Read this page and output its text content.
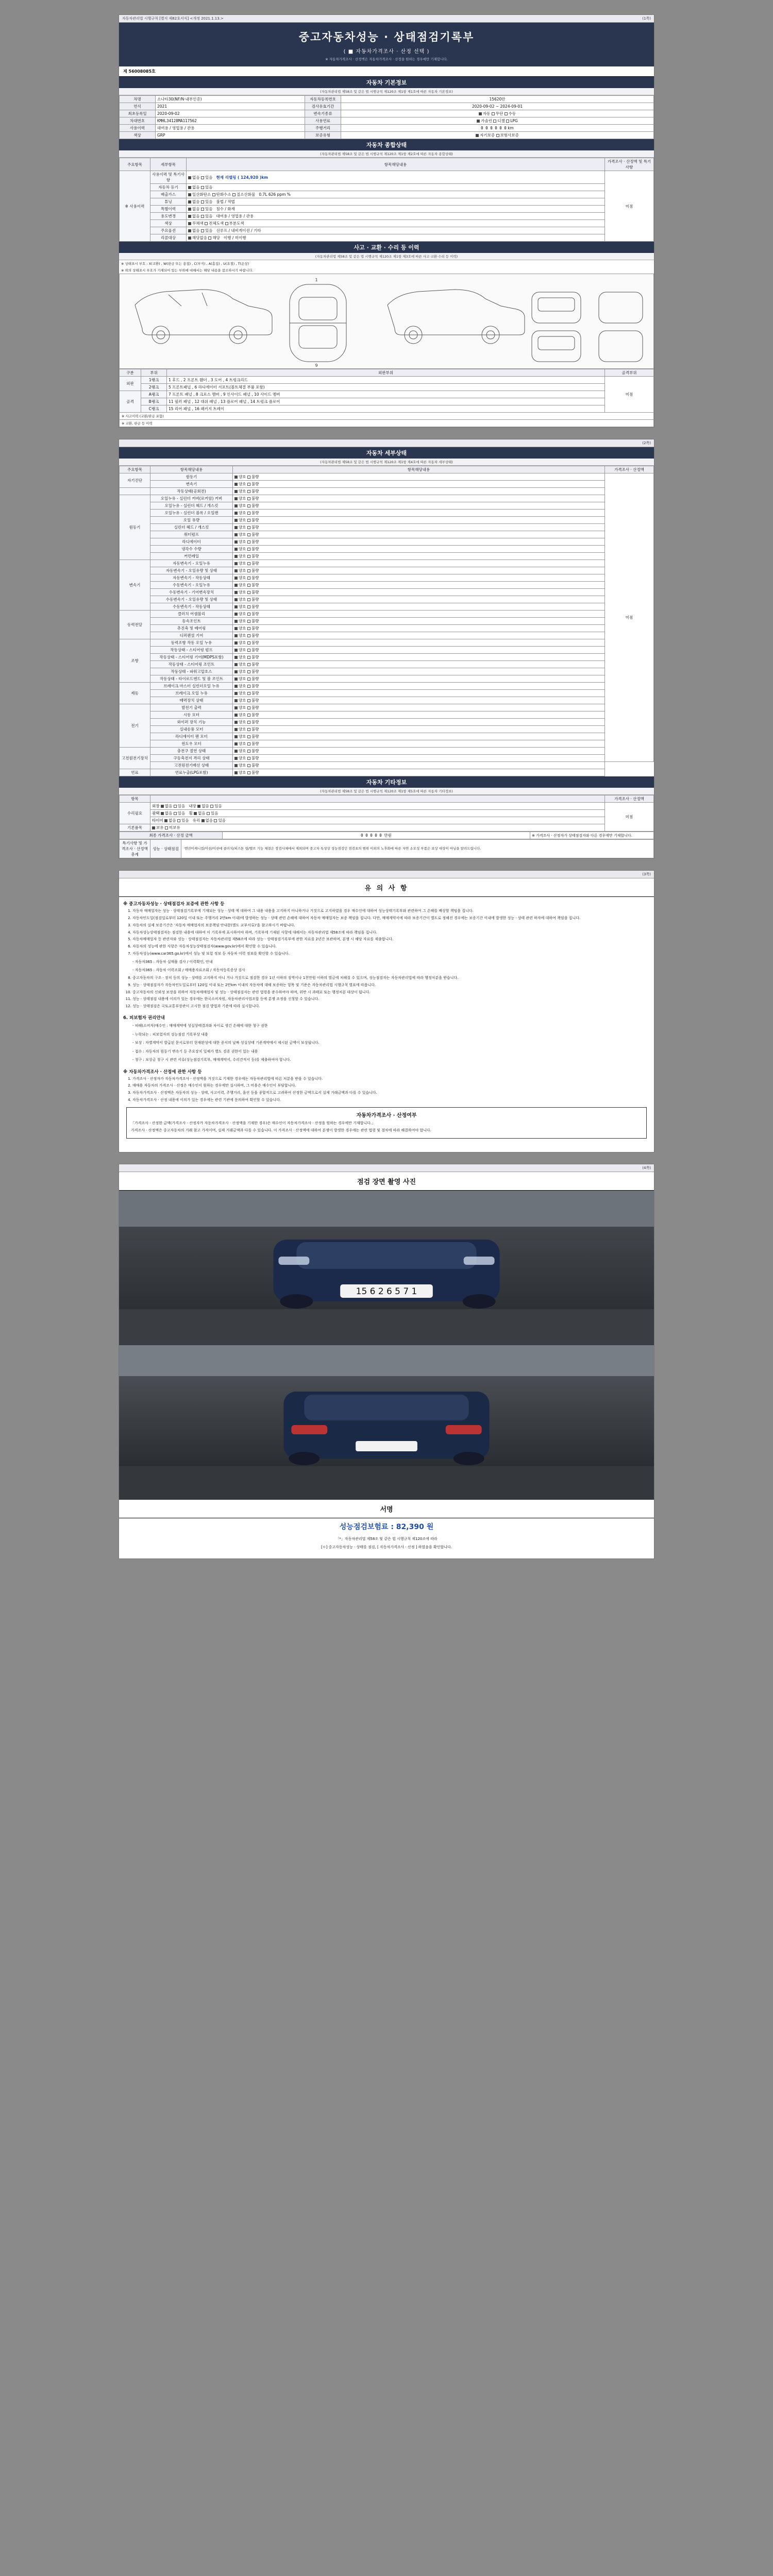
자동차관리법 시행규칙 [별지 제82호서식] <개정 2021.1.13.>	(1쪽)
중고자동차성능 · 상태점검기록부
( ■ 자동차가격조사 · 산정 선택 )
※ 자동차가격조사 · 산정액은 자동차가격조사 · 산정을 원하는 경우에만 기재합니다.
제 56008085호
자동차 기본정보
(자동차관리법 제58조 및 같은 법 시행규칙 제120조 제1항 제1호에 따른 자동차 기본정보)
차명	소나타30(NF/N·내부인증)	자동차등록번호	15620만
연식	2021	검사유효기간	2020-09-02 ~ 2024-09-01
최초등록일	2020-09-02	변속기종류	자동 무단 수동
차대번호	KMHL34128MA117562	사용연료	가솔린 디젤 LPG
사용이력	대여용 / 영업용 / 관용	주행거리	0 0 0 0 0 0 km
색상	GRP	보증유형	자기보증 보험사보증
자동차 종합상태
(자동차관리법 제58조 및 같은 법 시행규칙 제120조 제1항 제2호에 따른 자동차 종합상태)
주요항목	세부항목	항목해당내용	가격조사 · 산정액 및 특기사항
※ 사용이력	사용이력 및 특기사항	없음 있음   현재 리밸링 ( 124,920 )km	미점
	자동차 등기	없음 있음	
	배출가스	일산화탄소 탄화수소 질소산화물   0.7L 626 ppm %	
	튜닝	없음 있음   불법 / 적법	
	특별이력	없음 있음   침수 / 화재	
	용도변경	없음 있음   대여용 / 영업용 / 관용	
	색상	무채색 전체도색 부분도색	
	주요옵션	없음 있음   선루프 / 내비게이션 / 기타	
	리콜대상	해당없음 해당   이행 / 미이행	
사고 · 교환 · 수리 등 이력
(자동차관리법 제58조 및 같은 법 시행규칙 제120조 제1항 제3호에 따른 사고·교환·수리 등 이력)
※ 상태표시 부호 : X(교환) , W(판금 또는 용접) , C(부식) , A(흠집) , U(요철) , T(손상)
※ 위의 상태표시 부호가 기재되어 있는 부위에 대해서는 해당 내용을 참조하시기 바랍니다.
1
9
구분	부위	외판부위	골격부위
외판	1랭크	1 후드 , 2 프론트 휀더 , 3 도어 , 4 트렁크리드	미점
	2랭크	5 프론트패널 , 6 라디에이터 서포트(볼트체결 부품 포함)	
골격	A랭크	7 프론트 패널 , 8 크로스 멤버 , 9 인사이드 패널 , 10 사이드 멤버	
	B랭크	11 필러 패널 , 12 대쉬 패널 , 13 플로어 패널 , 14 트렁크 플로어	
	C랭크	15 리어 패널 , 16 패키지 트레이	
※ 사고이력 (교환/판금 포함)
※ 교환, 판금 등 이력
(2쪽)
자동차 세부상태
(자동차관리법 제58조 및 같은 법 시행규칙 제120조 제1항 제4호에 따른 자동차 세부상태)
주요항목	항목해당내용	항목해당내용	가격조사 · 산정액
자기진단	원동기	양호 불량	미점
	변속기	양호 불량	
	작동상태(공회전)	양호 불량	
원동기	오일누유 - 실린더 커버(로커암) 커버	양호 불량	
	오일누유 - 실린더 헤드 / 개스킷	양호 불량	
	오일누유 - 실린더 블록 / 오일팬	양호 불량	
	오일 유량	양호 불량	
	실린더 헤드 / 개스킷	양호 불량	
	워터펌프	양호 불량	
	라디에이터	양호 불량	
	냉각수 수량	양호 불량	
	커먼레일	양호 불량	
변속기	자동변속기 - 오일누유	양호 불량	
	자동변속기 - 오일유량 및 상태	양호 불량	
	자동변속기 - 작동상태	양호 불량	
	수동변속기 - 오일누유	양호 불량	
	수동변속기 - 기어변속장치	양호 불량	
	수동변속기 - 오일유량 및 상태	양호 불량	
	수동변속기 - 작동상태	양호 불량	
동력전달	클러치 어셈블리	양호 불량	
	등속조인트	양호 불량	
	추진축 및 베어링	양호 불량	
	디퍼렌셜 기어	양호 불량	
조향	동력조향 작동 오일 누유	양호 불량	
	작동상태 - 스티어링 펌프	양호 불량	
	작동상태 - 스티어링 기어(MDPS포함)	양호 불량	
	작동상태 - 스티어링 조인트	양호 불량	
	작동상태 - 파워고압호스	양호 불량	
	작동상태 - 타이로드엔드 및 볼 조인트	양호 불량	
제동	브레이크 마스터 실린더오일 누유	양호 불량	
	브레이크 오일 누유	양호 불량	
	배력장치 상태	양호 불량	
전기	발전기 출력	양호 불량	
	시동 모터	양호 불량	
	와이퍼 장치 기능	양호 불량	
	실내송풍 모터	양호 불량	
	라디에이터 팬 모터	양호 불량	
	윈도우 모터	양호 불량	
고전원전기장치	충전구 절연 상태	양호 불량	
	구동축전지 격리 상태	양호 불량	
	고전원전기배선 상태	양호 불량	
연료	연료누출(LPG포함)	양호 불량	
자동차 기타정보
(자동차관리법 제58조 및 같은 법 시행규칙 제120조 제1항 제5호에 따른 자동차 기타정보)
항목		가격조사 · 산정액
수리필요	외장 없음 있음   내장 없음 있음	미점
	광택 없음 있음   휠 없음 있음	
	타이어 없음 있음   유리 없음 있음	
기본품목	보유 미보유	
최종 가격조사 · 산정 금액	0 0 0 0 0 만원	※ 가격조사 · 산정자가 상태점검자와 다른 경우에만 기재합니다.
특기사항 및 가격조사 · 산정액 총계	성능 · 상태점검	엔진미케니컬/미션/미션에 클러치/피스톤 링/밸브 기능 체결은 장검사체에서 제외되며 중고차 특성상 성능점검인 점검표의 범위 이외의 노후화에 따른 자연 소모성 부품은 보상 대상이 아님을 알려드립니다.
(3쪽)
유 의 사 항
※ 중고자동차성능 · 상태점검자 보증에 관한 사항 등
1. 자동차 매매업자는 성능 · 상태점검기록부에 기재되는 성능 · 상태 에 대하여 그 내용 내용을 고지하지 아니하거나 거짓으로 고지하였을 경우 매수인에 대하여 성능상태기록부와 관련하여 그 손해를 배상할 책임을 집니다.
2. 자동차인도일(점검일로부터 120일 이내 또는 주행거리 2만km 이내)에 발생하는 성능 · 상태 관련 손해에 대하여 자동차 매매업자는 보증 책임을 집니다. 다만, 매매계약서에 따라 보증기간이 별도로 정해진 경우에는 보증기간 이내에 발생한 성능 · 상태 관련 하자에 대하여 책임을 집니다.
3. 자동차의 실제 보증기간은 '자동차 매매업자의 보증책임 안내문(별도 교부서류)'을 참고하시기 바랍니다.
4. 자동차성능상태점검자는 점검한 내용에 대하여 이 기록부에 표시하여야 하며, 기록부에 기재된 사항에 대해서는 자동차관리법 제58조에 따라 책임을 집니다.
5. 자동차매매업자 등 관련자와 성능 · 상태점검자는 자동차관리법 제58조에 따라 성능 · 상태점검기록부에 관한 자료를 2년간 보관하며, 분쟁 시 해당 자료를 제출합니다.
6. 자동차의 성능에 관한 사항은 자동차성능상태점검자(www.gov.kr)에서 확인할 수 있습니다.
7. 자동차성능(www.car365.go.kr)에서 성능 및 보험 정보 등 자동차 이력 정보를 확인할 수 있습니다.
- 자동차365 : 자동차 실매물 검사 / 이력확인, 안내
- 자동차365 : 자동차 이력조회 / 매매용자료조회 / 자동차등록증상 검사
8. 중고자동차의 구조 · 장치 등의 성능 · 상태를 고지하지 아니 거나 거짓으로 점검한 경우 1년 이하의 징역이나 1천만원 이하의 벌금에 처해질 수 있으며, 성능점검자는 자동차관리법에 따라 행정처분을 받습니다.
9. 성능 · 상태점검자가 자동차인도일로부터 120일 이내 또는 2만km 이내의 자동차에 대해 보증하는 항목 및 기준은 자동차관리법 시행규칙 별표에 따릅니다.
10. 중고자동차의 신뢰성 보장을 위하여 자동차매매업자 및 성능 · 상태점검자는 관련 법령을 준수하여야 하며, 위반 시 과태료 또는 행정처분 대상이 됩니다.
11. 성능 · 상태점검 내용에 이의가 있는 경우에는 한국소비자원, 자동차관리사업조합 등에 분쟁 조정을 신청할 수 있습니다.
12. 성능 · 상태점검은 국토교통부장관이 고시한 점검 방법과 기준에 따라 실시합니다.
6. 피보험자 권리안내
- 피해(소비자)매수인 : 매매계약에 성실상태결과와 차이로 생긴 손해에 대한 청구 권한
- 누락되는 : 피보험자의 성능점검 기록부상 내용
- 보상 : 차별계약서 발급된 문서로부터 현재완성에 대한 증서의 날짜 성실상태 기준계약에서 제시된 금액이 보상됩니다.
- 접수 : 자동차의 원동기 변속기 등 주요장치 일체가 별도 검증 권한이 있는 내용
- 청구 : 보상금 청구 시 관련 서류(성능점검기록부, 매매계약서, 수리견적서 등)를 제출하여야 합니다.
※ 자동차가격조사 · 산정에 관한 사항 등
1. 가격조사 · 산정자가 자동차가격조사 · 산정액을 거짓으로 기재한 경우에는 자동차관리법에 따른 처분을 받을 수 있습니다.
2. 매매용 자동차의 가격조사 · 산정은 매수인이 원하는 경우에만 실시하며, 그 비용은 매수인이 부담합니다.
3. 자동차가격조사 · 산정액은 자동차의 성능 · 상태, 사고이력, 주행거리, 옵션 등을 종합적으로 고려하여 산정한 금액으로서 실제 거래금액과 다를 수 있습니다.
4. 자동차가격조사 · 산정 내용에 이의가 있는 경우에는 관련 기관에 문의하여 확인할 수 있습니다.
자동차가격조사 · 산정여부

「가격조사 · 산정한 금액(가격조사 · 산정자가 자동차가격조사 · 산정액을 기재한 경우)은 매수인이 자동차가격조사 · 산정을 원하는 경우에만 기재합니다.」

가격조사 · 산정액은 중고자동차의 거래 참고 가격이며, 실제 거래금액과 다를 수 있습니다. 이 가격조사 · 산정액에 대하여 분쟁이 발생한 경우에는 관련 법령 및 절차에 따라 해결하여야 합니다.

(4쪽)
점검 장면 촬영 사진
15 6 2 6 5 7 1
서명
성능점검보험료 : 82,390 원
「*」자동차관리법 제58조 및 같은 법 시행규칙 제120조에 따라
[ㅇ] 중고자동차성능 · 상태를 점검, [ 자동차가격조사 · 산정 ] 하였음을 확인합니다.
